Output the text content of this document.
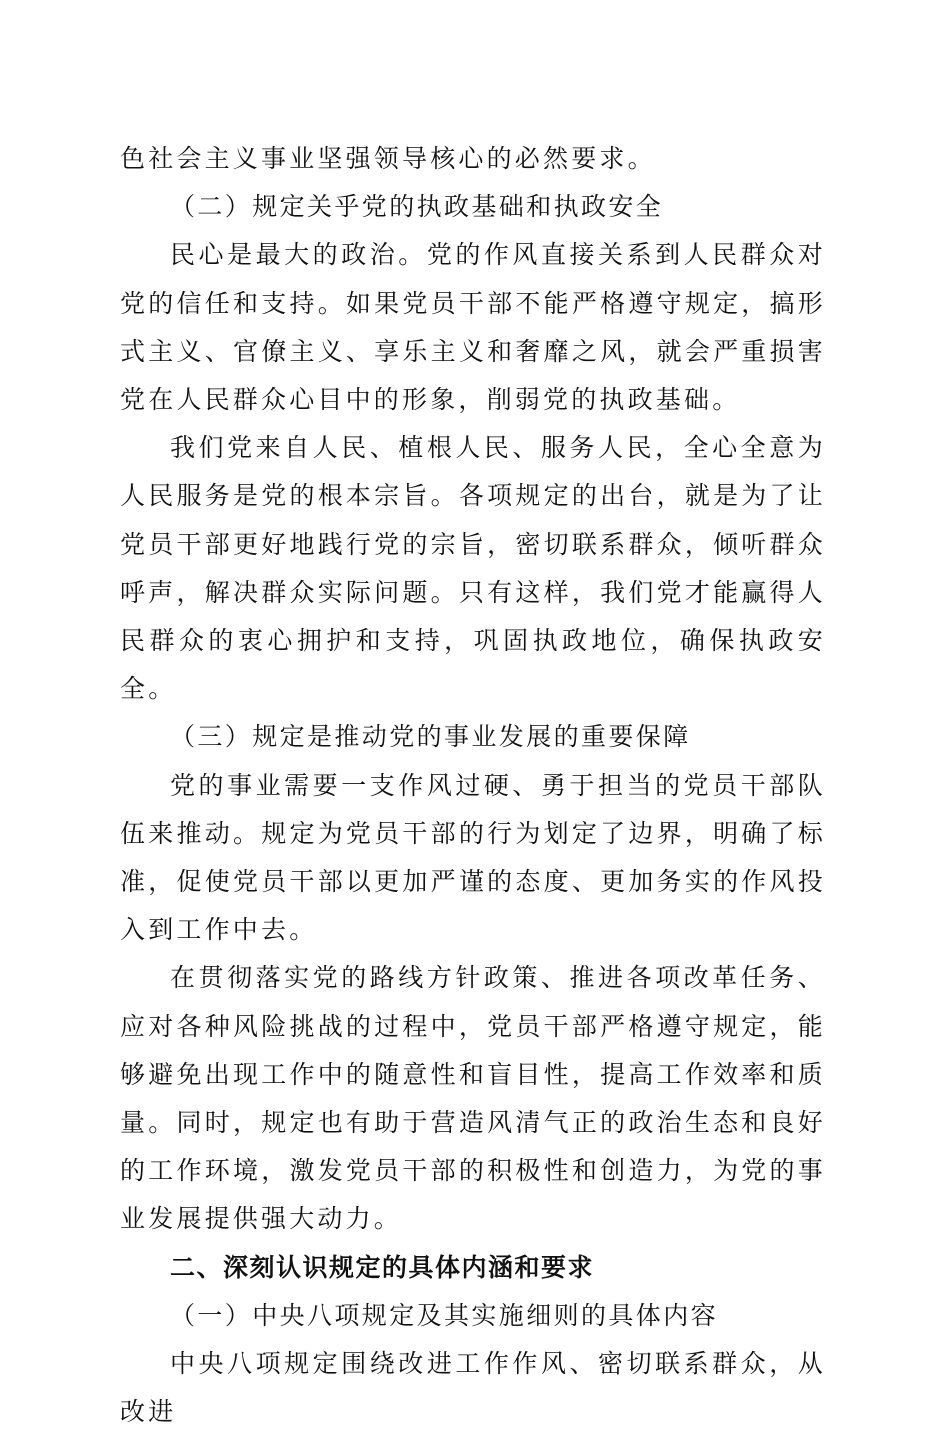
色社会主义事业坚强领导核心的必然要求。

（二）规定关乎党的执政基础和执政安全

民心是最大的政治。党的作风直接关系到人民群众对党的信任和支持。如果党员干部不能严格遵守规定，搞形式主义、官僚主义、享乐主义和奢靡之风，就会严重损害党在人民群众心目中的形象，削弱党的执政基础。

我们党来自人民、植根人民、服务人民，全心全意为人民服务是党的根本宗旨。各项规定的出台，就是为了让党员干部更好地践行党的宗旨，密切联系群众，倾听群众呼声，解决群众实际问题。只有这样，我们党才能赢得人民群众的衷心拥护和支持，巩固执政地位，确保执政安全。

（三）规定是推动党的事业发展的重要保障

党的事业需要一支作风过硬、勇于担当的党员干部队伍来推动。规定为党员干部的行为划定了边界，明确了标准，促使党员干部以更加严谨的态度、更加务实的作风投入到工作中去。

在贯彻落实党的路线方针政策、推进各项改革任务、应对各种风险挑战的过程中，党员干部严格遵守规定，能够避免出现工作中的随意性和盲目性，提高工作效率和质量。同时，规定也有助于营造风清气正的政治生态和良好的工作环境，激发党员干部的积极性和创造力，为党的事业发展提供强大动力。

二、深刻认识规定的具体内涵和要求
（一）中央八项规定及其实施细则的具体内容

中央八项规定围绕改进工作作风、密切联系群众，从改进
